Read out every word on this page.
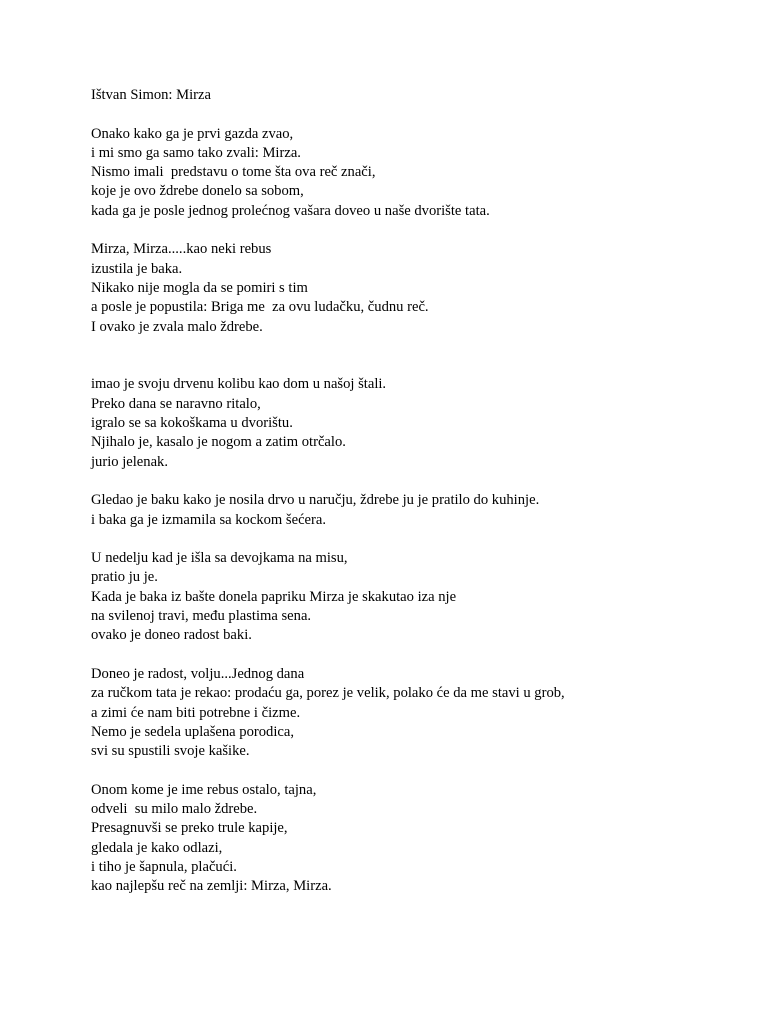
Ištvan Simon: Mirza
Onako kako ga je prvi gazda zvao,
i mi smo ga samo tako zvali: Mirza.
Nismo imali  predstavu o tome šta ova reč znači,
koje je ovo ždrebe donelo sa sobom,
kada ga je posle jednog prolećnog vašara doveo u naše dvorište tata.
Mirza, Mirza.....kao neki rebus
izustila je baka.
Nikako nije mogla da se pomiri s tim
a posle je popustila: Briga me  za ovu ludačku, čudnu reč.
I ovako je zvala malo ždrebe.
imao je svoju drvenu kolibu kao dom u našoj štali.
Preko dana se naravno ritalo,
igralo se sa kokoškama u dvorištu.
Njihalo je, kasalo je nogom a zatim otrčalo.
jurio jelenak.
Gledao je baku kako je nosila drvo u naručju, ždrebe ju je pratilo do kuhinje.
i baka ga je izmamila sa kockom šećera.
U nedelju kad je išla sa devojkama na misu,
pratio ju je.
Kada je baka iz bašte donela papriku Mirza je skakutao iza nje
na svilenoj travi, među plastima sena.
ovako je doneo radost baki.
Doneo je radost, volju...Jednog dana
za ručkom tata je rekao: prodaću ga, porez je velik, polako će da me stavi u grob,
a zimi će nam biti potrebne i čizme.
Nemo je sedela uplašena porodica,
svi su spustili svoje kašike.
Onom kome je ime rebus ostalo, tajna,
odveli  su milo malo ždrebe.
Presagnuvši se preko trule kapije,
gledala je kako odlazi,
i tiho je šapnula, plačući.
kao najlepšu reč na zemlji: Mirza, Mirza.
